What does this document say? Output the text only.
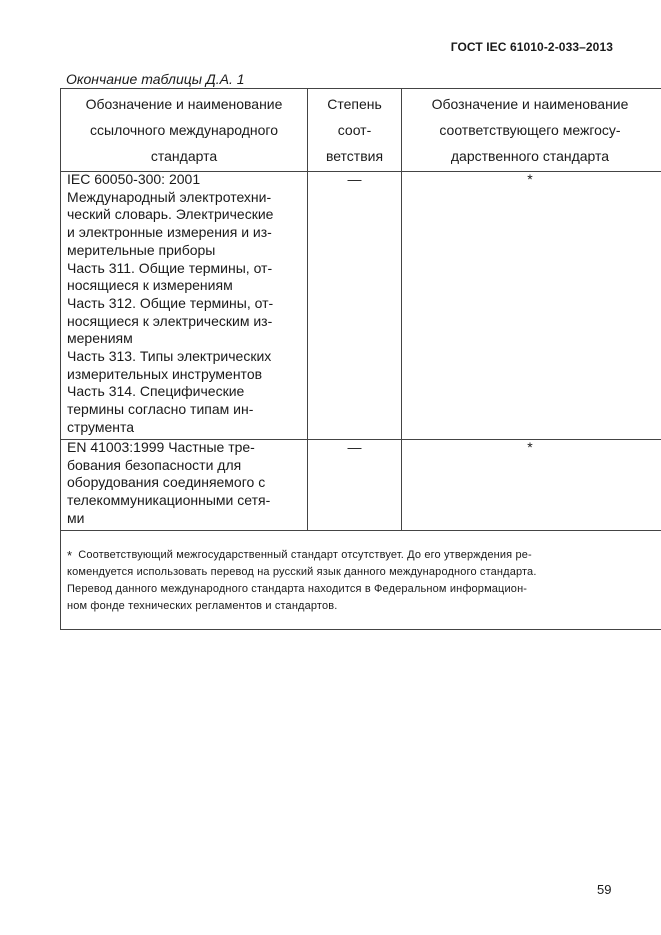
ГОСТ IEC 61010-2-033–2013
Окончание таблицы Д.А. 1
Обозначение и наименование
ссылочного международного
стандарта
Степень
соот-
ветствия
Обозначение и наименование
соответствующего межгосу-
дарственного стандарта
IEC 60050-300: 2001
Международный электротехни-
ческий словарь. Электрические
и электронные измерения и из-
мерительные приборы
Часть 311. Общие термины, от-
носящиеся к измерениям
Часть 312. Общие термины, от-
носящиеся к электрическим из-
мерениям
Часть 313. Типы электрических
измерительных инструментов
Часть 314. Специфические
термины согласно типам ин-
струмента
—	*
EN 41003:1999 Частные тре-
бования безопасности для
оборудования соединяемого с
телекоммуникационными сетя-
ми
—	*
* Соответствующий межгосударственный стандарт отсутствует. До его утверждения ре-
комендуется использовать перевод на русский язык данного международного стандарта.
Перевод данного международного стандарта находится в Федеральном информацион-
ном фонде технических регламентов и стандартов.
59
